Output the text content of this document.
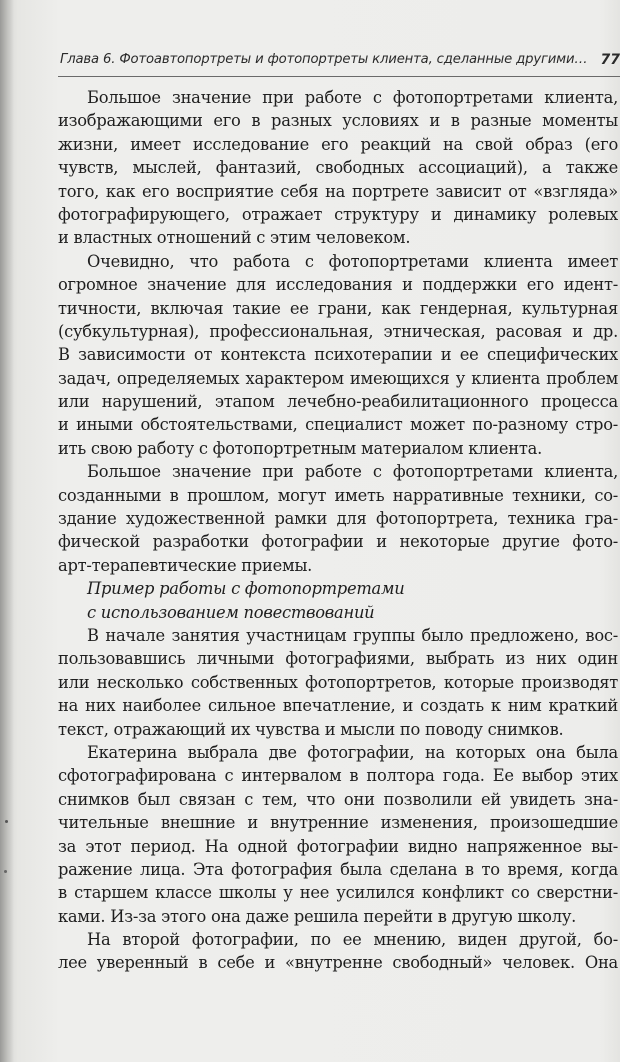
Глава 6. Фотоавтопортреты и фотопортреты клиента, сделанные другими… 77
Большое значение при работе с фотопортретами клиента,
изображающими его в разных условиях и в разные моменты
жизни, имеет исследование его реакций на свой образ (его
чувств, мыслей, фантазий, свободных ассоциаций), а также
того, как его восприятие себя на портрете зависит от «взгляда»
фотографирующего, отражает структуру и динамику ролевых
и властных отношений с этим человеком.
Очевидно, что работа с фотопортретами клиента имеет
огромное значение для исследования и поддержки его идент-
тичности, включая такие ее грани, как гендерная, культурная
(субкультурная), профессиональная, этническая, расовая и др.
В зависимости от контекста психотерапии и ее специфических
задач, определяемых характером имеющихся у клиента проблем
или нарушений, этапом лечебно-реабилитационного процесса
и иными обстоятельствами, специалист может по-разному стро-
ить свою работу с фотопортретным материалом клиента.
Большое значение при работе с фотопортретами клиента,
созданными в прошлом, могут иметь нарративные техники, со-
здание художественной рамки для фотопортрета, техника гра-
фической разработки фотографии и некоторые другие фото-
арт-терапевтические приемы.
Пример работы с фотопортретами
с использованием повествований
В начале занятия участницам группы было предложено, вос-
пользовавшись личными фотографиями, выбрать из них один
или несколько собственных фотопортретов, которые производят
на них наиболее сильное впечатление, и создать к ним краткий
текст, отражающий их чувства и мысли по поводу снимков.
Екатерина выбрала две фотографии, на которых она была
сфотографирована с интервалом в полтора года. Ее выбор этих
снимков был связан с тем, что они позволили ей увидеть зна-
чительные внешние и внутренние изменения, произошедшие
за этот период. На одной фотографии видно напряженное вы-
ражение лица. Эта фотография была сделана в то время, когда
в старшем классе школы у нее усилился конфликт со сверстни-
ками. Из-за этого она даже решила перейти в другую школу.
На второй фотографии, по ее мнению, виден другой, бо-
лее уверенный в себе и «внутренне свободный» человек. Она
